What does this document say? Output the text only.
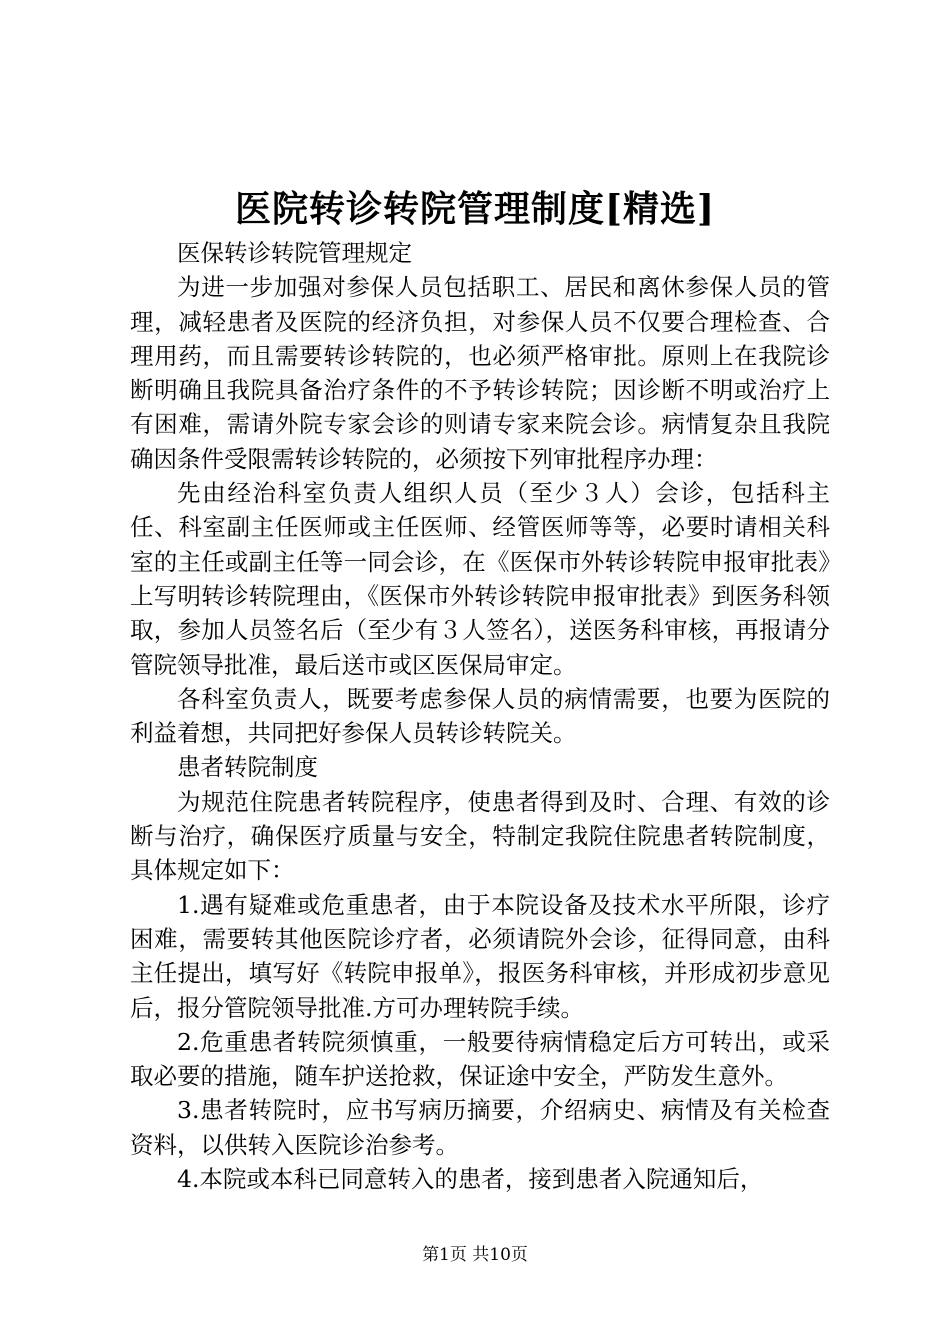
医院转诊转院管理制度[精选]

医保转诊转院管理规定

为进一步加强对参保人员包括职工、居民和离休参保人员的管理，减轻患者及医院的经济负担，对参保人员不仅要合理检查、合理用药，而且需要转诊转院的，也必须严格审批。原则上在我院诊断明确且我院具备治疗条件的不予转诊转院；因诊断不明或治疗上有困难，需请外院专家会诊的则请专家来院会诊。病情复杂且我院确因条件受限需转诊转院的，必须按下列审批程序办理：

先由经治科室负责人组织人员（至少３人）会诊，包括科主任、科室副主任医师或主任医师、经管医师等等，必要时请相关科室的主任或副主任等一同会诊，在《医保市外转诊转院申报审批表》上写明转诊转院理由，《医保市外转诊转院申报审批表》到医务科领取，参加人员签名后（至少有３人签名），送医务科审核，再报请分管院领导批准，最后送市或区医保局审定。

各科室负责人，既要考虑参保人员的病情需要，也要为医院的利益着想，共同把好参保人员转诊转院关。

患者转院制度

为规范住院患者转院程序，使患者得到及时、合理、有效的诊断与治疗，确保医疗质量与安全，特制定我院住院患者转院制度，具体规定如下：

1.遇有疑难或危重患者，由于本院设备及技术水平所限，诊疗困难，需要转其他医院诊疗者，必须请院外会诊，征得同意，由科主任提出，填写好《转院申报单》，报医务科审核，并形成初步意见后，报分管院领导批准.方可办理转院手续。

2.危重患者转院须慎重，一般要待病情稳定后方可转出，或采取必要的措施，随车护送抢救，保证途中安全，严防发生意外。

3.患者转院时，应书写病历摘要，介绍病史、病情及有关检查资料，以供转入医院诊治参考。

4.本院或本科已同意转入的患者，接到患者入院通知后，

第1页 共10页
